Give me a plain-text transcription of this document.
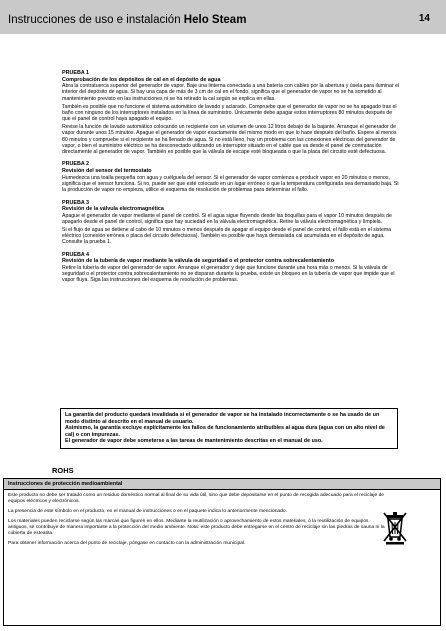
Instrucciones de uso e instalación Helo Steam	14
PRUEBA 1
Comprobación de los depósitos de cal en el depósito de agua

Abra la contratuerca superior del generador de vapor. Baje una linterna conectada a una batería con cables por la abertura y úsela para iluminar el interior del depósito de agua. Si hay una capa de más de 3 cm de cal en el fondo, significa que el generador de vapor no se ha sometido al mantenimiento previsto en las instrucciones ni se ha retirado la cal según se explica en ellas.

También es posible que no funcione el sistema automático de lavado y aclarado. Compruebe que el generador de vapor no se ha apagado tras el baño con ninguno de los interruptores instalados en la línea de suministro. Únicamente debe apagar estos interruptores 80 minutos después de que el panel de control haya apagado el equipo.

Revise la función de lavado automático colocando un recipiente con un volumen de unos 12 litros debajo de la bajante. Arranque el generador de vapor durante unos 15 minutos. Apague el generador de vapor exactamente del mismo modo en que lo hace después del baño. Espere al menos 80 minutos y compruebe si el recipiente se ha llenado de agua. Si no está lleno, hay un problema con las conexiones eléctricas del generador de vapor, o bien el suministro eléctrico se ha desconectado utilizando un interruptor situado en el cable que va desde el panel de conmutación directamente al generador de vapor. También es posible que la válvula de escape esté bloqueada o que la placa del circuito esté defectuosa.

PRUEBA 2
Revisión del sensor del termostato

Humedezca una toalla pequeña con agua y cuélguela del sensor. Si el generador de vapor comienza a producir vapor en 20 minutos o menos, significa que el sensor funciona. Si no, puede ser que esté colocado en un lugar erróneo o que la temperatura configurada sea demasiado baja. Si la producción de vapor no empieza, utilice el esquema de resolución de problemas para determinar el fallo.

PRUEBA 3
Revisión de la válvula electromagnética

Apague el generador de vapor mediante el panel de control. Si el agua sigue fluyendo desde las boquillas para el vapor 10 minutos después de apagarlo desde el panel de control, significa que hay suciedad en la válvula electromagnética. Retire la válvula electromagnética y límpiela.

Si el flujo de agua se detiene al cabo de 10 minutos o menos después de apagar el equipo desde el panel de control, el fallo está en el sistema eléctrico (conexión errónea o placa del circuito defectuosa). También es posible que haya demasiada cal acumulada en el depósito de agua. Consulte la prueba 1.

PRUEBA 4
Revisión de la tubería de vapor mediante la válvula de seguridad o el protector contra sobrecalentamiento

Retire la tubería de vapor del generador de vapor. Arranque el generador y deje que funcione durante una hora más o menos. Si la válvula de seguridad o el protector contra sobrecalentamiento no se disparan durante la prueba, existe un bloqueo en la tubería de vapor que impide que el vapor fluya. Siga las instrucciones del esquema de resolución de problemas.

La garantía del producto quedará invalidada si el generador de vapor se ha instalado incorrectamente o se ha usado de un modo distinto al descrito en el manual de usuario.

Asimismo, la garantía excluye explícitamente los fallos de funcionamiento atribuibles al agua dura (agua con un alto nivel de cal) o con impurezas.

El generador de vapor debe someterse a las tareas de mantenimiento descritas en el manual de uso.

ROHS
Instrucciones de protección medioambiental

Este producto no debe ser tratado como un residuo doméstico normal al final de su vida útil, sino que debe depositarse en el punto de recogida adecuado para el reciclaje de equipos eléctricos y electrónicos.

La presencia de este símbolo en el producto, en el manual de instrucciones o en el paquete indica lo anteriormente mencionado.

Los materiales pueden reciclarse según las marcas que figuren en ellos. Mediante la reutilización o aprovechamiento de estos materiales, ó la reutilización de equipos antiguos, se contribuye de manera importante a la protección del medio ambiente. Nota: este producto debe entregarse en el centro de reciclaje sin las piedras de sauna ni la cubierta de esteatita.

Para obtener información acerca del punto de reciclaje, póngase en contacto con la administración municipal.
